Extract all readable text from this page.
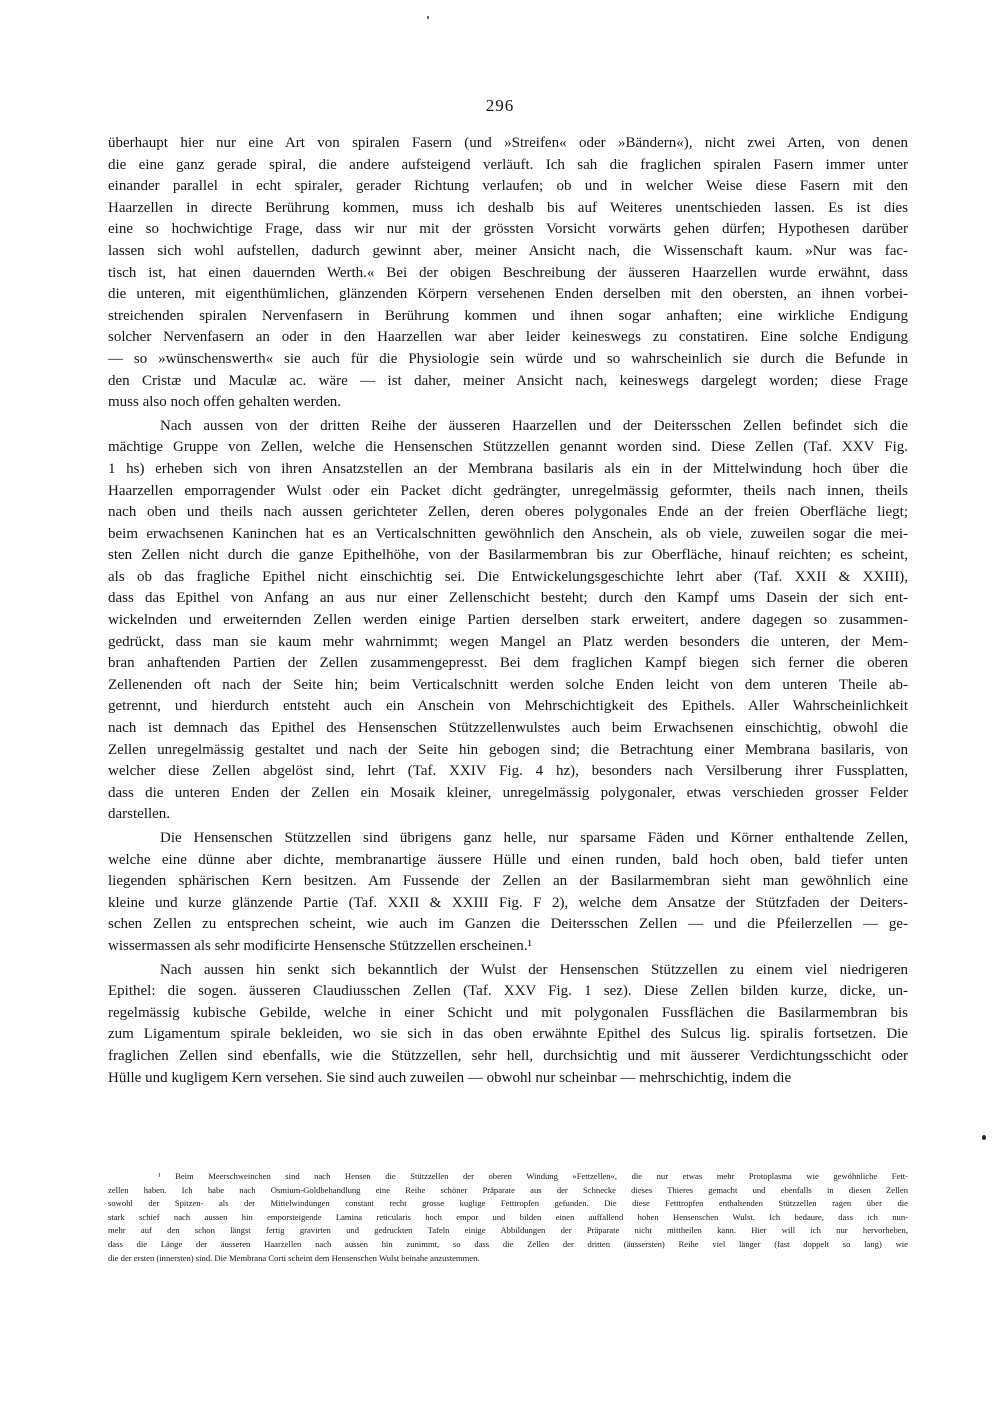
296
überhaupt hier nur eine Art von spiralen Fasern (und »Streifen« oder »Bändern«), nicht zwei Arten, von denen
die eine ganz gerade spiral, die andere aufsteigend verläuft. Ich sah die fraglichen spiralen Fasern immer unter
einander parallel in echt spiraler, gerader Richtung verlaufen; ob und in welcher Weise diese Fasern mit den
Haarzellen in directe Berührung kommen, muss ich deshalb bis auf Weiteres unentschieden lassen. Es ist dies
eine so hochwichtige Frage, dass wir nur mit der grössten Vorsicht vorwärts gehen dürfen; Hypothesen darüber
lassen sich wohl aufstellen, dadurch gewinnt aber, meiner Ansicht nach, die Wissenschaft kaum. »Nur was fac-
tisch ist, hat einen dauernden Werth.« Bei der obigen Beschreibung der äusseren Haarzellen wurde erwähnt, dass
die unteren, mit eigenthümlichen, glänzenden Körpern versehenen Enden derselben mit den obersten, an ihnen vorbei-
streichenden spiralen Nervenfasern in Berührung kommen und ihnen sogar anhaften; eine wirkliche Endigung
solcher Nervenfasern an oder in den Haarzellen war aber leider keineswegs zu constatiren. Eine solche Endigung
— so »wünschenswerth« sie auch für die Physiologie sein würde und so wahrscheinlich sie durch die Befunde in
den Cristæ und Maculæ ac. wäre — ist daher, meiner Ansicht nach, keineswegs dargelegt worden; diese Frage
muss also noch offen gehalten werden.
Nach aussen von der dritten Reihe der äusseren Haarzellen und der Deitersschen Zellen befindet sich die
mächtige Gruppe von Zellen, welche die Hensenschen Stützzellen genannt worden sind. Diese Zellen (Taf. XXV Fig.
1 hs) erheben sich von ihren Ansatzstellen an der Membrana basilaris als ein in der Mittelwindung hoch über die
Haarzellen emporragender Wulst oder ein Packet dicht gedrängter, unregelmässig geformter, theils nach innen, theils
nach oben und theils nach aussen gerichteter Zellen, deren oberes polygonales Ende an der freien Oberfläche liegt;
beim erwachsenen Kaninchen hat es an Verticalschnitten gewöhnlich den Anschein, als ob viele, zuweilen sogar die mei-
sten Zellen nicht durch die ganze Epithelhöhe, von der Basilarmembran bis zur Oberfläche, hinauf reichten; es scheint,
als ob das fragliche Epithel nicht einschichtig sei. Die Entwickelungsgeschichte lehrt aber (Taf. XXII & XXIII),
dass das Epithel von Anfang an aus nur einer Zellenschicht besteht; durch den Kampf ums Dasein der sich ent-
wickelnden und erweiternden Zellen werden einige Partien derselben stark erweitert, andere dagegen so zusammen-
gedrückt, dass man sie kaum mehr wahrnimmt; wegen Mangel an Platz werden besonders die unteren, der Mem-
bran anhaftenden Partien der Zellen zusammengepresst. Bei dem fraglichen Kampf biegen sich ferner die oberen
Zellenenden oft nach der Seite hin; beim Verticalschnitt werden solche Enden leicht von dem unteren Theile ab-
getrennt, und hierdurch entsteht auch ein Anschein von Mehrschichtigkeit des Epithels. Aller Wahrscheinlichkeit
nach ist demnach das Epithel des Hensenschen Stützzellenwulstes auch beim Erwachsenen einschichtig, obwohl die
Zellen unregelmässig gestaltet und nach der Seite hin gebogen sind; die Betrachtung einer Membrana basilaris, von
welcher diese Zellen abgelöst sind, lehrt (Taf. XXIV Fig. 4 hz), besonders nach Versilberung ihrer Fussplatten,
dass die unteren Enden der Zellen ein Mosaik kleiner, unregelmässig polygonaler, etwas verschieden grosser Felder
darstellen.
Die Hensenschen Stützzellen sind übrigens ganz helle, nur sparsame Fäden und Körner enthaltende Zellen,
welche eine dünne aber dichte, membranartige äussere Hülle und einen runden, bald hoch oben, bald tiefer unten
liegenden sphärischen Kern besitzen. Am Fussende der Zellen an der Basilarmembran sieht man gewöhnlich eine
kleine und kurze glänzende Partie (Taf. XXII & XXIII Fig. F 2), welche dem Ansatze der Stützfaden der Deiters-
schen Zellen zu entsprechen scheint, wie auch im Ganzen die Deitersschen Zellen — und die Pfeilerzellen — ge-
wissermassen als sehr modificirte Hensensche Stützzellen erscheinen.¹
Nach aussen hin senkt sich bekanntlich der Wulst der Hensenschen Stützzellen zu einem viel niedrigeren
Epithel: die sogen. äusseren Claudiusschen Zellen (Taf. XXV Fig. 1 sez). Diese Zellen bilden kurze, dicke, un-
regelmässig kubische Gebilde, welche in einer Schicht und mit polygonalen Fussflächen die Basilarmembran bis
zum Ligamentum spirale bekleiden, wo sie sich in das oben erwähnte Epithel des Sulcus lig. spiralis fortsetzen. Die
fraglichen Zellen sind ebenfalls, wie die Stützzellen, sehr hell, durchsichtig und mit äusserer Verdichtungsschicht oder
Hülle und kugligem Kern versehen. Sie sind auch zuweilen — obwohl nur scheinbar — mehrschichtig, indem die
¹ Beim Meerschweinchen sind nach Hensen die Stützzellen der oberen Windung »Fettzellen«, die nur etwas mehr Protoplasma wie gewöhnliche Fett-
zellen haben. Ich habe nach Osmium-Goldbehandlung eine Reihe schöner Präparate aus der Schnecke dieses Thieres gemacht und ebenfalls in diesen Zellen
sowohl der Spitzen- als der Mittelwindungen constant recht grosse kuglige Fetttropfen gefunden. Die diese Fetttropfen enthaltenden Stützzellen ragen über die
stark schief nach aussen hin emporsteigende Lamina reticularis hoch empor und bilden einen auffallend hohen Hensenschen Wulst. Ich bedaure, dass ich nun-
mehr auf den schon längst fertig gravirten und gedruckten Tafeln einige Abbildungen der Präparate nicht mittheilen kann. Hier will ich nur hervorheben,
dass die Länge der äusseren Haarzellen nach aussen hin zunimmt, so dass die Zellen der dritten (äussersten) Reihe viel länger (fast doppelt so lang) wie
die der ersten (innersten) sind. Die Membrana Corti scheint dem Hensenschen Wulst beinahe anzustemmen.
